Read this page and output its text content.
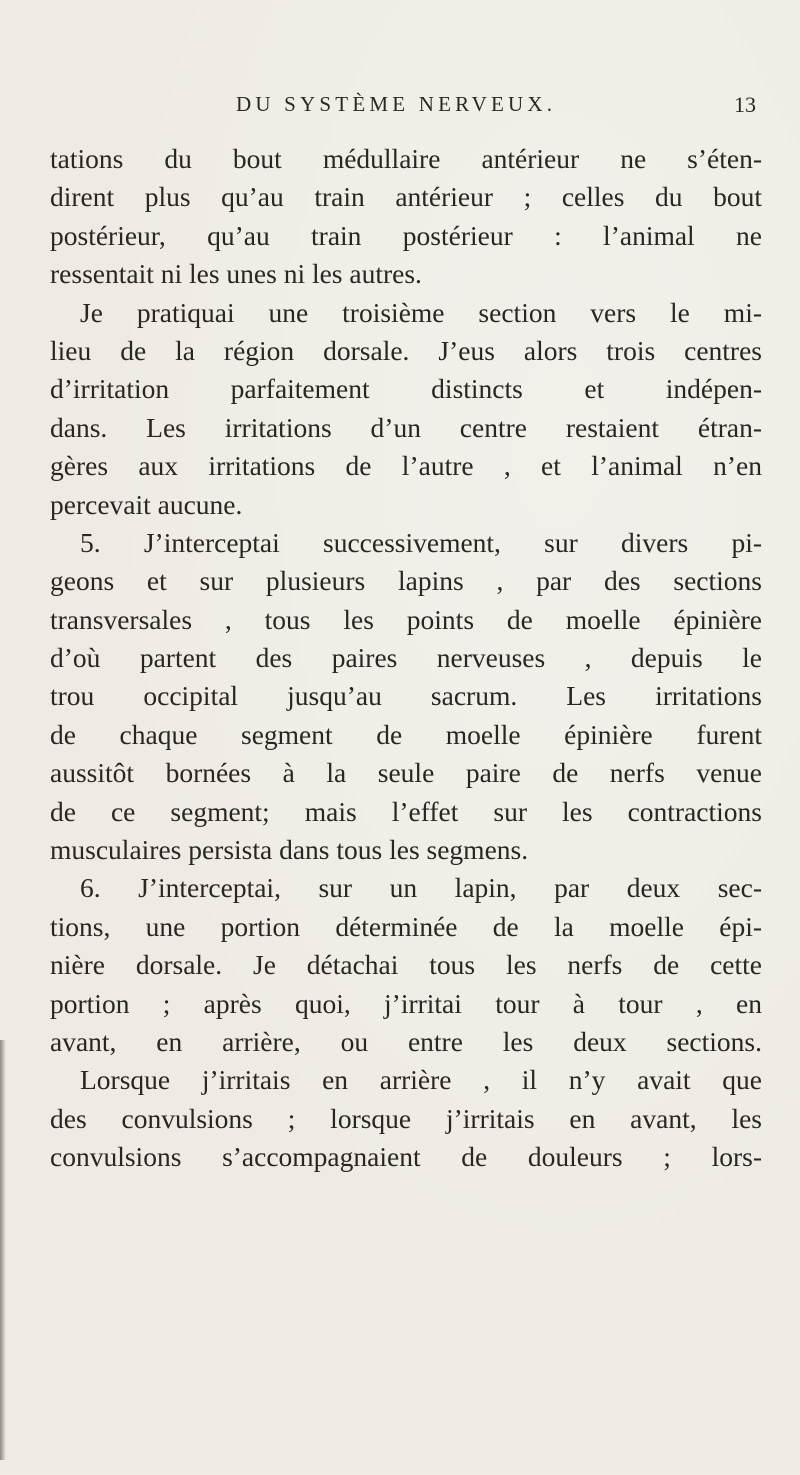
DU SYSTÈME NERVEUX.	13
tations du bout médullaire antérieur ne s’éten-
dirent plus qu’au train antérieur ; celles du bout
postérieur, qu’au train postérieur : l’animal ne
ressentait ni les unes ni les autres.
Je pratiquai une troisième section vers le mi-
lieu de la région dorsale. J’eus alors trois centres
d’irritation parfaitement distincts et indépen-
dans. Les irritations d’un centre restaient étran-
gères aux irritations de l’autre , et l’animal n’en
percevait aucune.
5. J’interceptai successivement, sur divers pi-
geons et sur plusieurs lapins , par des sections
transversales , tous les points de moelle épinière
d’où partent des paires nerveuses , depuis le
trou occipital jusqu’au sacrum. Les irritations
de chaque segment de moelle épinière furent
aussitôt bornées à la seule paire de nerfs venue
de ce segment; mais l’effet sur les contractions
musculaires persista dans tous les segmens.
6. J’interceptai, sur un lapin, par deux sec-
tions, une portion déterminée de la moelle épi-
nière dorsale. Je détachai tous les nerfs de cette
portion ; après quoi, j’irritai tour à tour , en
avant, en arrière, ou entre les deux sections.
Lorsque j’irritais en arrière , il n’y avait que
des convulsions ; lorsque j’irritais en avant, les
convulsions s’accompagnaient de douleurs ; lors-
